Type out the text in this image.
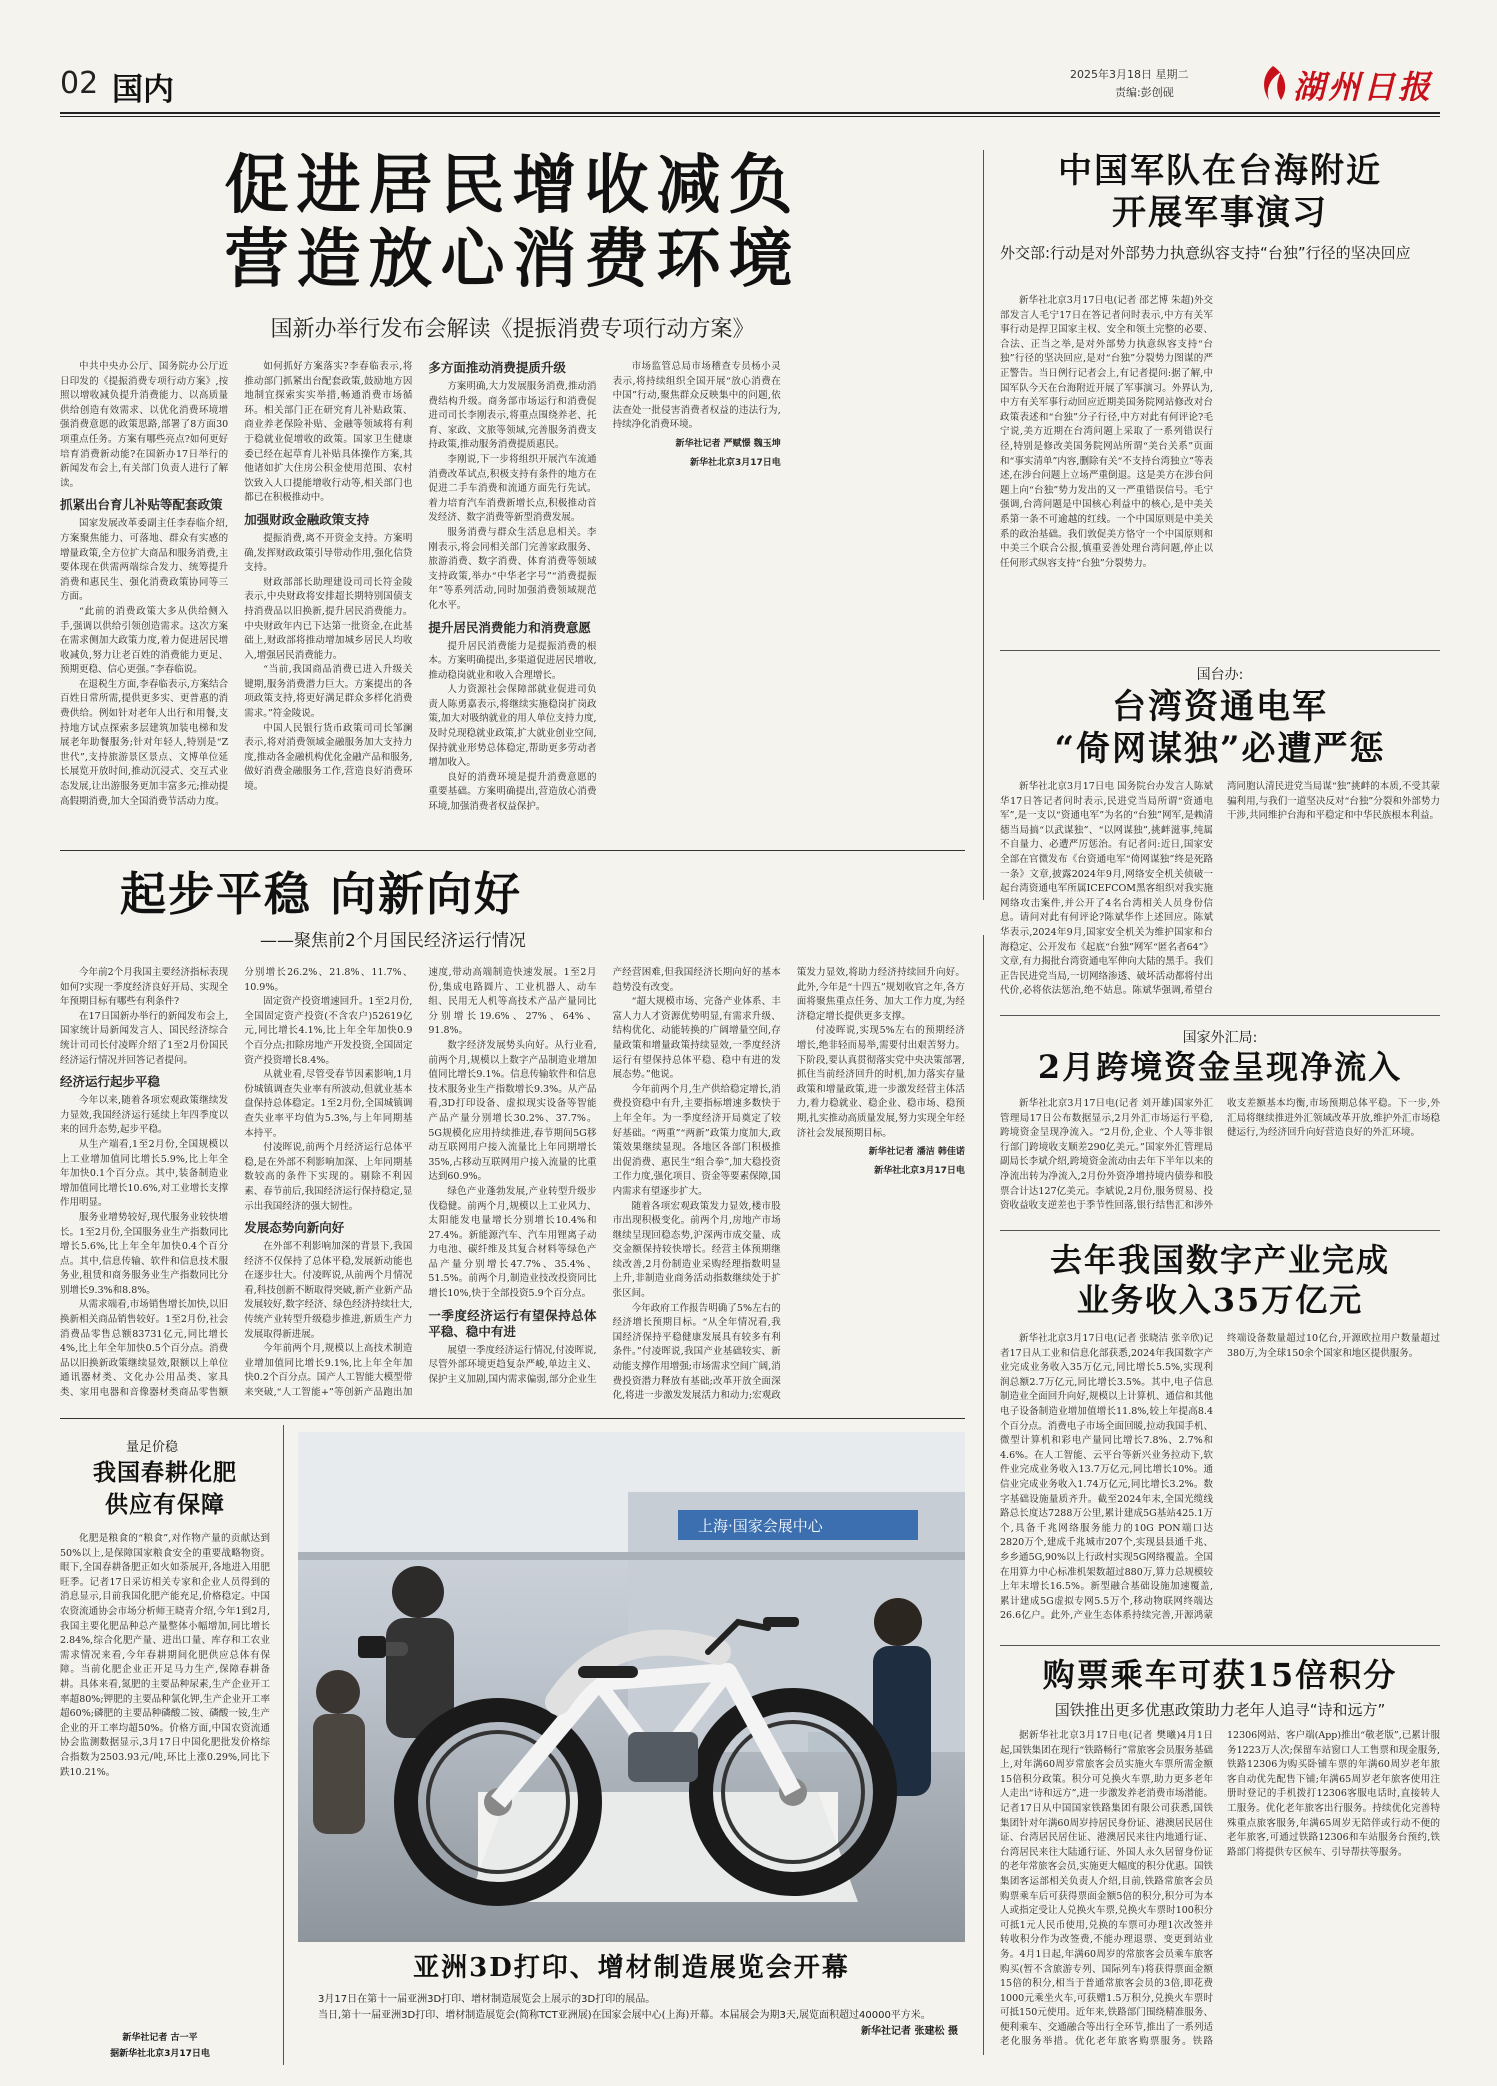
02 国内	2025年3月18日 星期二
责编:彭创砚	湖州日报
促进居民增收减负
营造放心消费环境
国新办举行发布会解读《提振消费专项行动方案》

中共中央办公厅、国务院办公厅近日印发的《提振消费专项行动方案》,按照以增收减负提升消费能力、以高质量供给创造有效需求、以优化消费环境增强消费意愿的政策思路,部署了8方面30项重点任务。方案有哪些亮点?如何更好培育消费新动能?在国新办17日举行的新闻发布会上,有关部门负责人进行了解读。

抓紧出台育儿补贴等配套政策

国家发展改革委副主任李春临介绍,方案聚焦能力、可落地、群众有实感的增量政策,全方位扩大商品和服务消费,主要体现在供需两端综合发力、统筹提升消费和惠民生、强化消费政策协同等三方面。

“此前的消费政策大多从供给侧入手,强调以供给引领创造需求。这次方案在需求侧加大政策力度,着力促进居民增收减负,努力让老百姓的消费能力更足、预期更稳、信心更强。”李春临说。

在退税生方面,李春临表示,方案结合百姓日常所需,提供更多实、更普惠的消费供给。例如针对老年人出行和用餐,支持地方试点探索多层建筑加装电梯和发展老年助餐服务;针对年轻人,特别是“Z世代”,支持旅游景区景点、文博单位延长展览开放时间,推动沉浸式、交互式业态发展,让出游服务更加丰富多元;推动提高假期消费,加大全国消费节活动力度。

如何抓好方案落实?李春临表示,将推动部门抓紧出台配套政策,鼓励地方因地制宜探索实实举措,畅通消费市场循环。相关部门正在研究育儿补贴政策、商业养老保险补贴、金融等领域将有利于稳就业促增收的政策。国家卫生健康委已经在起草育儿补贴具体操作方案,其他诸如扩大住房公积金使用范围、农村饮致入人口提能增收行动等,相关部门也都已在积极推动中。

加强财政金融政策支持

提振消费,离不开资金支持。方案明确,发挥财政政策引导带动作用,强化信贷支持。

财政部部长助理建设司司长符金陵表示,中央财政将安排超长期特别国债支持消费品以旧换新,提升居民消费能力。中央财政年内已下达第一批资金,在此基础上,财政部将推动增加城乡居民人均收入,增强居民消费能力。

“当前,我国商品消费已进入升级关键期,服务消费潜力巨大。方案提出的各项政策支持,将更好满足群众多样化消费需求。”符金陵说。

中国人民银行货币政策司司长邹澜表示,将对消费领域金融服务加大支持力度,推动各金融机构优化金融产品和服务,做好消费金融服务工作,营造良好消费环境。

多方面推动消费提质升级

方案明确,大力发展服务消费,推动消费结构升级。商务部市场运行和消费促进司司长李刚表示,将重点围绕养老、托育、家政、文旅等领域,完善服务消费支持政策,推动服务消费提质惠民。

李刚说,下一步将组织开展汽车流通消费改革试点,积极支持有条件的地方在促进二手车消费和流通方面先行先试。着力培育汽车消费新增长点,积极推动首发经济、数字消费等新型消费发展。

服务消费与群众生活息息相关。李刚表示,将会同相关部门完善家政服务、旅游消费、数字消费、体育消费等领域支持政策,举办“中华老字号”“消费提振年”等系列活动,同时加强消费领域规范化水平。

提升居民消费能力和消费意愿

提升居民消费能力是提振消费的根本。方案明确提出,多渠道促进居民增收,推动稳岗就业和收入合理增长。

人力资源社会保障部就业促进司负责人陈勇嘉表示,将继续实施稳岗扩岗政策,加大对吸纳就业的用人单位支持力度,及时兑现稳就业政策,扩大就业创业空间,保持就业形势总体稳定,帮助更多劳动者增加收入。

良好的消费环境是提升消费意愿的重要基础。方案明确提出,营造放心消费环境,加强消费者权益保护。

市场监管总局市场稽查专员杨小灵表示,将持续组织全国开展“放心消费在中国”行动,聚焦群众反映集中的问题,依法查处一批侵害消费者权益的违法行为,持续净化消费环境。

新华社记者 严赋憬 魏玉坤
新华社北京3月17日电
起步平稳 向新向好
——聚焦前2个月国民经济运行情况

今年前2个月我国主要经济指标表现如何?实现一季度经济良好开局、实现全年预期目标有哪些有利条件?

在17日国新办举行的新闻发布会上,国家统计局新闻发言人、国民经济综合统计司司长付凌晖介绍了1至2月份国民经济运行情况并回答记者提问。

经济运行起步平稳

今年以来,随着各项宏观政策继续发力显效,我国经济运行延续上年四季度以来的回升态势,起步平稳。

从生产端看,1至2月份,全国规模以上工业增加值同比增长5.9%,比上年全年加快0.1个百分点。其中,装备制造业增加值同比增长10.6%,对工业增长支撑作用明显。

服务业增势较好,现代服务业较快增长。1至2月份,全国服务业生产指数同比增长5.6%,比上年全年加快0.4个百分点。其中,信息传输、软件和信息技术服务业,租赁和商务服务业生产指数同比分别增长9.3%和8.8%。

从需求端看,市场销售增长加快,以旧换新相关商品销售较好。1至2月份,社会消费品零售总额83731亿元,同比增长4%,比上年全年加快0.5个百分点。消费品以旧换新政策继续显效,限额以上单位通讯器材类、文化办公用品类、家具类、家用电器和音像器材类商品零售额分别增长26.2%、21.8%、11.7%、10.9%。

固定资产投资增速回升。1至2月份,全国固定资产投资(不含农户)52619亿元,同比增长4.1%,比上年全年加快0.9个百分点;扣除房地产开发投资,全国固定资产投资增长8.4%。

从就业看,尽管受春节因素影响,1月份城镇调查失业率有所波动,但就业基本盘保持总体稳定。1至2月份,全国城镇调查失业率平均值为5.3%,与上年同期基本持平。

付凌晖说,前两个月经济运行总体平稳,是在外部不利影响加深、上年同期基数较高的条件下实现的。剔除不利因素、春节前后,我国经济运行保持稳定,显示出我国经济的强大韧性。

发展态势向新向好

在外部不利影响加深的背景下,我国经济不仅保持了总体平稳,发展新动能也在逐步壮大。付凌晖说,从前两个月情况看,科技创新不断取得突破,新产业新产品发展较好,数字经济、绿色经济持续壮大,传统产业转型升级稳步推进,新质生产力发展取得新进展。

今年前两个月,规模以上高技术制造业增加值同比增长9.1%,比上年全年加快0.2个百分点。国产人工智能大模型带来突破,“人工智能+”等创新产品跑出加速度,带动高端制造快速发展。1至2月份,集成电路圆片、工业机器人、动车组、民用无人机等高技术产品产量同比分别增长19.6%、27%、64%、91.8%。

数字经济发展势头向好。从行业看,前两个月,规模以上数字产品制造业增加值同比增长9.1%。信息传输软件和信息技术服务业生产指数增长9.3%。从产品看,3D打印设备、虚拟现实设备等智能产品产量分别增长30.2%、37.7%。5G规模化应用持续推进,春节期间5G移动互联网用户接入流量比上年同期增长35%,占移动互联网用户接入流量的比重达到60.9%。

绿色产业蓬勃发展,产业转型升级步伐稳健。前两个月,规模以上工业风力、太阳能发电量增长分别增长10.4%和27.4%。新能源汽车、汽车用锂离子动力电池、碳纤维及其复合材料等绿色产品产量分别增长47.7%、35.4%、51.5%。前两个月,制造业技改投资同比增长10%,快于全部投资5.9个百分点。

一季度经济运行有望保持总体平稳、稳中有进

展望一季度经济运行情况,付凌晖说,尽管外部环境更趋复杂严峻,单边主义、保护主义加剧,国内需求偏弱,部分企业生产经营困难,但我国经济长期向好的基本趋势没有改变。

“超大规模市场、完备产业体系、丰富人力人才资源优势明显,有需求升级、结构优化、动能转换的广阔增量空间,存量政策和增量政策持续显效,一季度经济运行有望保持总体平稳、稳中有进的发展态势。”他说。

今年前两个月,生产供给稳定增长,消费投资稳中有升,主要指标增速多数快于上年全年。为一季度经济开局奠定了较好基础。“两重”“两新”政策力度加大,政策效果继续显现。各地区各部门积极推出促消费、惠民生“组合拳”,加大稳投资工作力度,强化项目、资金等要素保障,国内需求有望逐步扩大。

随着各项宏观政策发力显效,楼市股市出现积极变化。前两个月,房地产市场继续呈现回稳态势,沪深两市成交量、成交金额保持较快增长。经营主体预期继续改善,2月份制造业采购经理指数明显上升,非制造业商务活动指数继续处于扩张区间。

今年政府工作报告明确了5%左右的经济增长预期目标。“从全年情况看,我国经济保持平稳健康发展具有较多有利条件。”付凌晖说,我国产业基础较实、新动能支撑作用增强;市场需求空间广阔,消费投资潜力释放有基础;改革开放全面深化,将进一步激发发展活力和动力;宏观政策发力显效,将助力经济持续回升向好。此外,今年是“十四五”规划收官之年,各方面将聚焦重点任务、加大工作力度,为经济稳定增长提供更多支撑。

付凌晖说,实现5%左右的预期经济增长,绝非轻而易举,需要付出艰苦努力。下阶段,要认真贯彻落实党中央决策部署,抓住当前经济回升的时机,加力落实存量政策和增量政策,进一步激发经营主体活力,着力稳就业、稳企业、稳市场、稳预期,扎实推动高质量发展,努力实现全年经济社会发展预期目标。

新华社记者 潘洁 韩佳诺
新华社北京3月17日电
量足价稳
我国春耕化肥
供应有保障

化肥是粮食的“粮食”,对作物产量的贡献达到50%以上,是保障国家粮食安全的重要战略物资。眼下,全国春耕备肥正如火如荼展开,各地进入用肥旺季。记者17日采访相关专家和企业人员得到的消息显示,目前我国化肥产能充足,价格稳定。中国农资流通协会市场分析师王晓青介绍,今年1到2月,我国主要化肥品种总产量整体小幅增加,同比增长2.84%,综合化肥产量、进出口量、库存和工农业需求情况来看,今年春耕期间化肥供应总体有保障。当前化肥企业正开足马力生产,保障春耕备耕。具体来看,氮肥的主要品种尿素,生产企业开工率超80%;钾肥的主要品种氯化钾,生产企业开工率超60%;磷肥的主要品种磷酸二铵、磷酸一铵,生产企业的开工率均超50%。价格方面,中国农资流通协会监测数据显示,3月17日中国化肥批发价格综合指数为2503.93元/吨,环比上涨0.29%,同比下跌10.21%。

新华社记者 古一平
据新华社北京3月17日电
上海·国家会展中心
亚洲3D打印、增材制造展览会开幕
3月17日在第十一届亚洲3D打印、增材制造展览会上展示的3D打印的展品。
当日,第十一届亚洲3D打印、增材制造展览会(简称TCT亚洲展)在国家会展中心(上海)开幕。本届展会为期3天,展览面积超过40000平方米。
新华社记者 张建松 摄
中国军队在台海附近
开展军事演习
外交部:行动是对外部势力执意纵容支持“台独”行径的坚决回应

新华社北京3月17日电(记者 邵艺博 朱超)外交部发言人毛宁17日在答记者问时表示,中方有关军事行动是捍卫国家主权、安全和领土完整的必要、合法、正当之举,是对外部势力执意纵容支持“台独”行径的坚决回应,是对“台独”分裂势力图谋的严正警告。当日例行记者会上,有记者提问:据了解,中国军队今天在台海附近开展了军事演习。外界认为,中方有关军事行动回应近期美国务院网站修改对台政策表述和“台独”分子行径,中方对此有何评论?毛宁说,美方近期在台湾问题上采取了一系列错误行径,特别是修改美国务院网站所谓“美台关系”页面和“事实清单”内容,删除有关“不支持台湾独立”等表述,在涉台问题上立场严重倒退。这是美方在涉台问题上向“台独”势力发出的又一严重错误信号。毛宁强调,台湾问题是中国核心利益中的核心,是中美关系第一条不可逾越的红线。一个中国原则是中美关系的政治基础。我们敦促美方恪守一个中国原则和中美三个联合公报,慎重妥善处理台湾问题,停止以任何形式纵容支持“台独”分裂势力。

国台办:
台湾资通电军
“倚网谋独”必遭严惩

新华社北京3月17日电 国务院台办发言人陈斌华17日答记者问时表示,民进党当局所谓“资通电军”,是一支以“资通电军”为名的“台独”网军,是赖清德当局搞“以武谋独”、“以网谋独”,挑衅滋事,纯属不自量力、必遭严厉惩治。有记者问:近日,国家安全部在官微发布《台资通电军“倚网谋独”终是死路一条》文章,披露2024年9月,网络安全机关侦破一起台湾资通电军所属ICEFCOM黑客组织对我实施网络攻击案件,并公开了4名台湾相关人员身份信息。请问对此有何评论?陈斌华作上述回应。陈斌华表示,2024年9月,国家安全机关为维护国家和台海稳定、公开发布《起底“台独”网军“匿名者64”》文章,有力揭批台湾资通电军伸向大陆的黑手。我们正告民进党当局,一切网络渗透、破坏活动都将付出代价,必将依法惩治,绝不姑息。陈斌华强调,希望台湾同胞认清民进党当局谋“独”挑衅的本质,不受其蒙骗利用,与我们一道坚决反对“台独”分裂和外部势力干涉,共同维护台海和平稳定和中华民族根本利益。

国家外汇局:
2月跨境资金呈现净流入

新华社北京3月17日电(记者 刘开雄)国家外汇管理局17日公布数据显示,2月外汇市场运行平稳,跨境资金呈现净流入。“2月份,企业、个人等非银行部门跨境收支顺差290亿美元。”国家外汇管理局副局长李斌介绍,跨境资金流动由去年下半年以来的净流出转为净流入,2月份外资净增持境内债券和股票合计达127亿美元。李斌说,2月份,服务贸易、投资收益收支逆差也于季节性回落,银行结售汇和涉外收支差额基本均衡,市场预期总体平稳。下一步,外汇局将继续推进外汇领域改革开放,维护外汇市场稳健运行,为经济回升向好营造良好的外汇环境。

去年我国数字产业完成
业务收入35万亿元

新华社北京3月17日电(记者 张晓洁 张辛欣)记者17日从工业和信息化部获悉,2024年我国数字产业完成业务收入35万亿元,同比增长5.5%,实现利润总额2.7万亿元,同比增长3.5%。其中,电子信息制造业全面回升向好,规模以上计算机、通信和其他电子设备制造业增加值增长11.8%,较上年提高8.4个百分点。消费电子市场全面回暖,拉动我国手机、微型计算机和彩电产量同比增长7.8%、2.7%和4.6%。在人工智能、云平台等新兴业务拉动下,软件业完成业务收入13.7万亿元,同比增长10%。通信业完成业务收入1.74万亿元,同比增长3.2%。数字基础设施量质齐升。截至2024年末,全国光缆线路总长度达7288万公里,累计建成5G基站425.1万个,具备千兆网络服务能力的10G PON端口达2820万个,建成千兆城市207个,实现县县通千兆、乡乡通5G,90%以上行政村实现5G网络覆盖。全国在用算力中心标准机架数超过880万,算力总规模较上年末增长16.5%。新型融合基础设施加速覆盖,累计建成5G虚拟专网5.5万个,移动物联网终端达26.6亿户。此外,产业生态体系持续完善,开源鸿蒙终端设备数量超过10亿台,开源欧拉用户数量超过380万,为全球150余个国家和地区提供服务。

购票乘车可获15倍积分
国铁推出更多优惠政策助力老年人追寻“诗和远方”

据新华社北京3月17日电(记者 樊曦)4月1日起,国铁集团在现行“铁路畅行”常旅客会员服务基础上,对年满60周岁常旅客会员实施火车票所需金额15倍积分政策。积分可兑换火车票,助力更多老年人走出“诗和远方”,进一步激发养老消费市场潜能。记者17日从中国国家铁路集团有限公司获悉,国铁集团针对年满60周岁持居民身份证、港澳居民居住证、台湾居民居住证、港澳居民来往内地通行证、台湾居民来往大陆通行证、外国人永久居留身份证的老年常旅客会员,实施更大幅度的积分优惠。国铁集团客运部相关负责人介绍,目前,铁路常旅客会员购票乘车后可获得票面金额5倍的积分,积分可为本人或指定受让人兑换火车票,兑换火车票时100积分可抵1元人民币使用,兑换的车票可办理1次改签并转收积分作为改签费,不能办理退票、变更到站业务。4月1日起,年满60周岁的常旅客会员乘车旅客购买(暂不含旅游专列、国际列车)将获得票面金额15倍的积分,相当于普通常旅客会员的3倍,即花费1000元乘坐火车,可获赠1.5万积分,兑换火车票时可抵150元使用。近年来,铁路部门围绕精准服务、便利乘车、交通融合等出行全环节,推出了一系列适老化服务举措。优化老年旅客购票服务。铁路12306网站、客户端(App)推出“敬老版”,已累计服务1223万人次;保留车站窗口人工售票和现金服务,铁路12306为购买卧铺车票的年满60周岁老年旅客自动优先配售下铺;年满65周岁老年旅客使用注册时登记的手机拨打12306客服电话时,直接转人工服务。优化老年旅客出行服务。持续优化完善特殊重点旅客服务,年满65周岁无陪伴或行动不便的老年旅客,可通过铁路12306和车站服务台预约,铁路部门将提供专区候车、引导帮扶等服务。
